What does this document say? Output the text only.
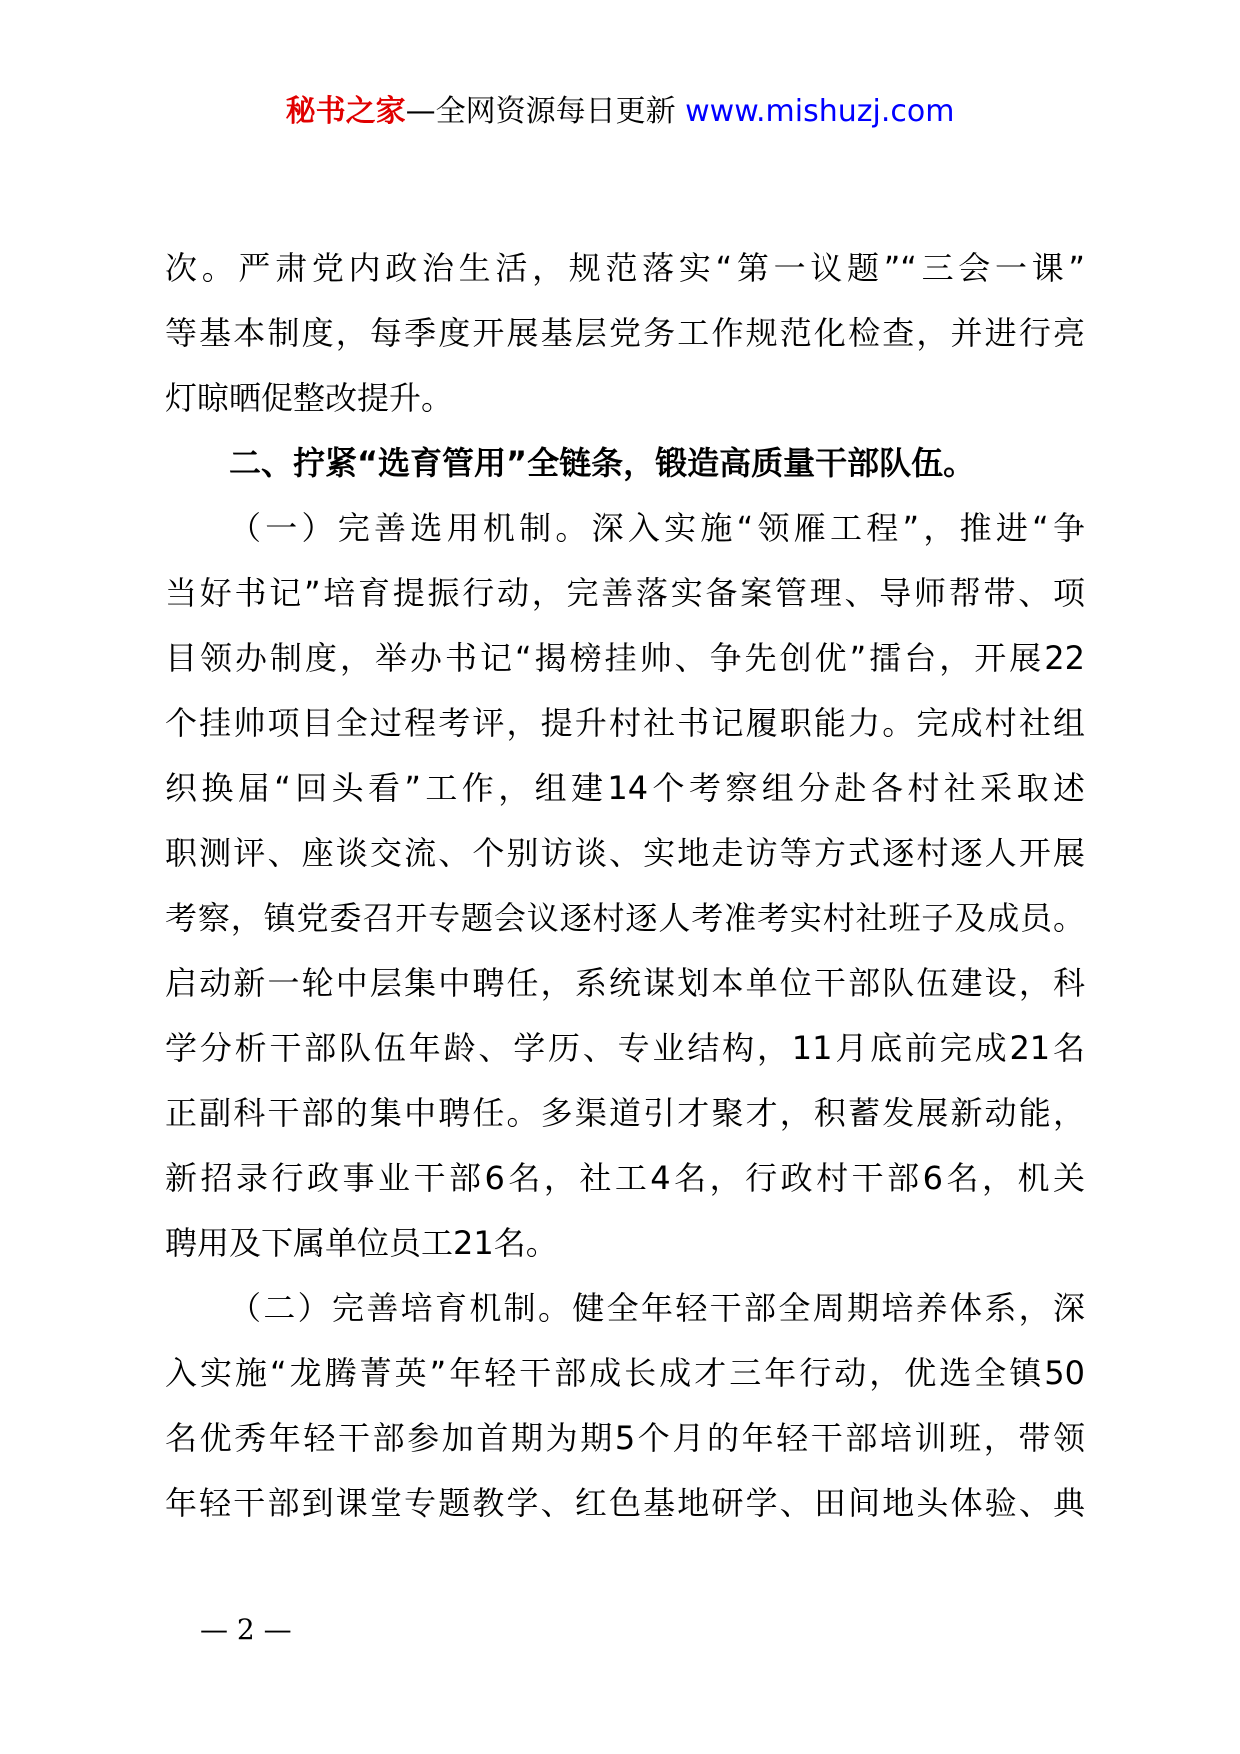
秘书之家—全网资源每日更新 www.mishuzj.com
次。严肃党内政治生活，规范落实“第一议题”“三会一课”
等基本制度，每季度开展基层党务工作规范化检查，并进行亮
灯晾晒促整改提升。
二、拧紧“选育管用”全链条，锻造高质量干部队伍。
（一）完善选用机制。深入实施“领雁工程”，推进“争
当好书记”培育提振行动，完善落实备案管理、导师帮带、项
目领办制度，举办书记“揭榜挂帅、争先创优”擂台，开展22
个挂帅项目全过程考评，提升村社书记履职能力。完成村社组
织换届“回头看”工作，组建14个考察组分赴各村社采取述
职测评、座谈交流、个别访谈、实地走访等方式逐村逐人开展
考察，镇党委召开专题会议逐村逐人考准考实村社班子及成员。
启动新一轮中层集中聘任，系统谋划本单位干部队伍建设，科
学分析干部队伍年龄、学历、专业结构，11月底前完成21名
正副科干部的集中聘任。多渠道引才聚才，积蓄发展新动能，
新招录行政事业干部6名，社工4名，行政村干部6名，机关
聘用及下属单位员工21名。
（二）完善培育机制。健全年轻干部全周期培养体系，深
入实施“龙腾菁英”年轻干部成长成才三年行动，优选全镇50
名优秀年轻干部参加首期为期5个月的年轻干部培训班，带领
年轻干部到课堂专题教学、红色基地研学、田间地头体验、典
— 2 —
